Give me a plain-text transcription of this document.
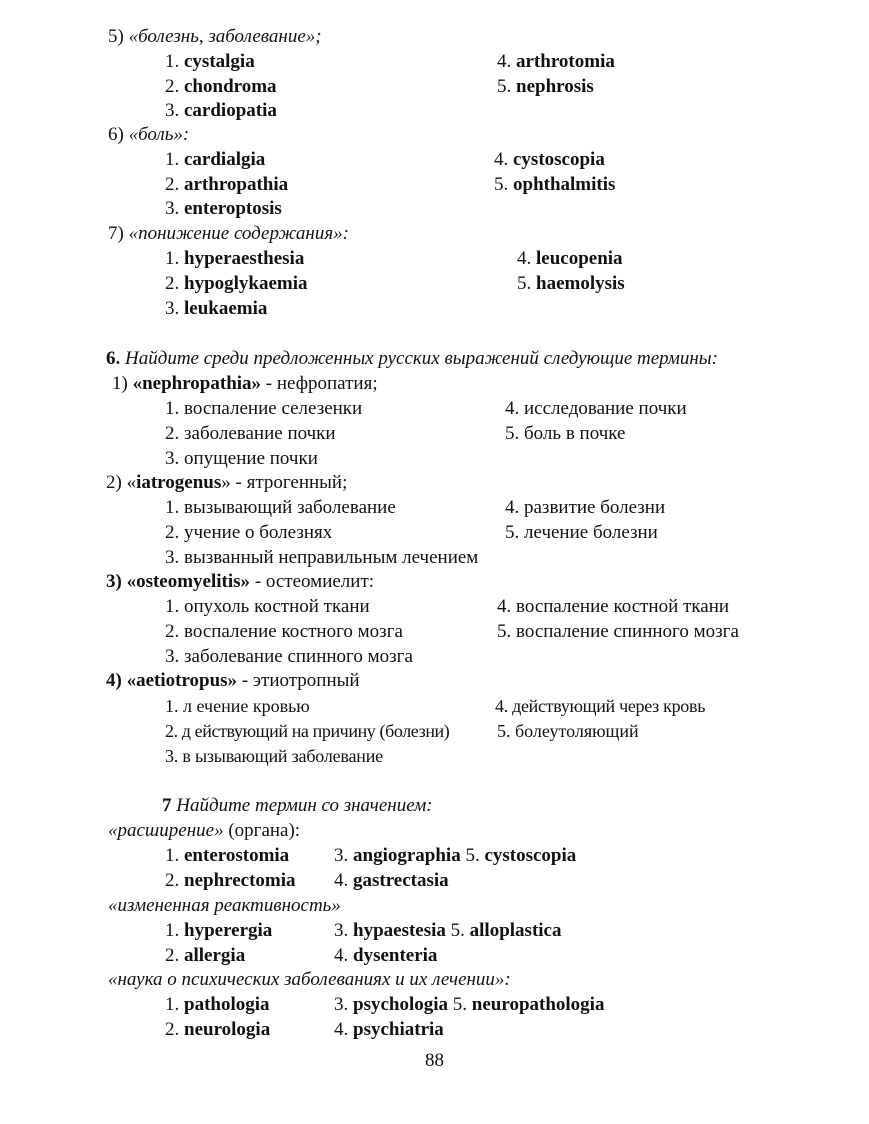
5) «болезнь, заболевание»;
1. cystalgia
2. chondroma
3. cardiopatia
4. arthrotomia
5. nephrosis
6) «боль»:
1. cardialgia
2. arthropathia
3. enteroptosis
4. cystoscopia
5. ophthalmitis
7) «понижение содержания»:
1. hyperaesthesia
2. hypoglykaemia
3. leukaemia
4. leucopenia
5. haemolysis
6. Найдите среди предложенных русских выражений следующие термины:
1) «nephropathia» - нефропатия;
1. воспаление селезенки
2. заболевание почки
3. опущение почки
4. исследование почки
5. боль в почке
2) «iatrogenus» - ятрогенный;
1. вызывающий заболевание
2. учение о болезнях
3. вызванный неправильным лечением
4. развитие болезни
5. лечение болезни
3) «osteomyelitis» - остеомиелит:
1. опухоль костной ткани
2. воспаление костного мозга
3. заболевание спинного мозга
4. воспаление костной ткани
5. воспаление спинного мозга
4) «aetiotropus» - этиотропный
1. л ечение кровью
2. д ействующий на причину (болезни)
3. в ызывающий заболевание
4. действующий через кровь
5. болеутоляющий
7 Найдите термин со значением:
«расширение» (органа):
1. enterostomia 3. angiographia 5. cystoscopia
2. nephrectomia 4. gastrectasia
«измененная реактивность»
1. hyperergia	3. hypaestesia 5. alloplastica
2. allergia	4. dysenteria
«наука о психических заболеваниях и их лечении»:
1. pathologia	3. psychologia 5. neuropathologia
2. neurologia	4. psychiatria
88
